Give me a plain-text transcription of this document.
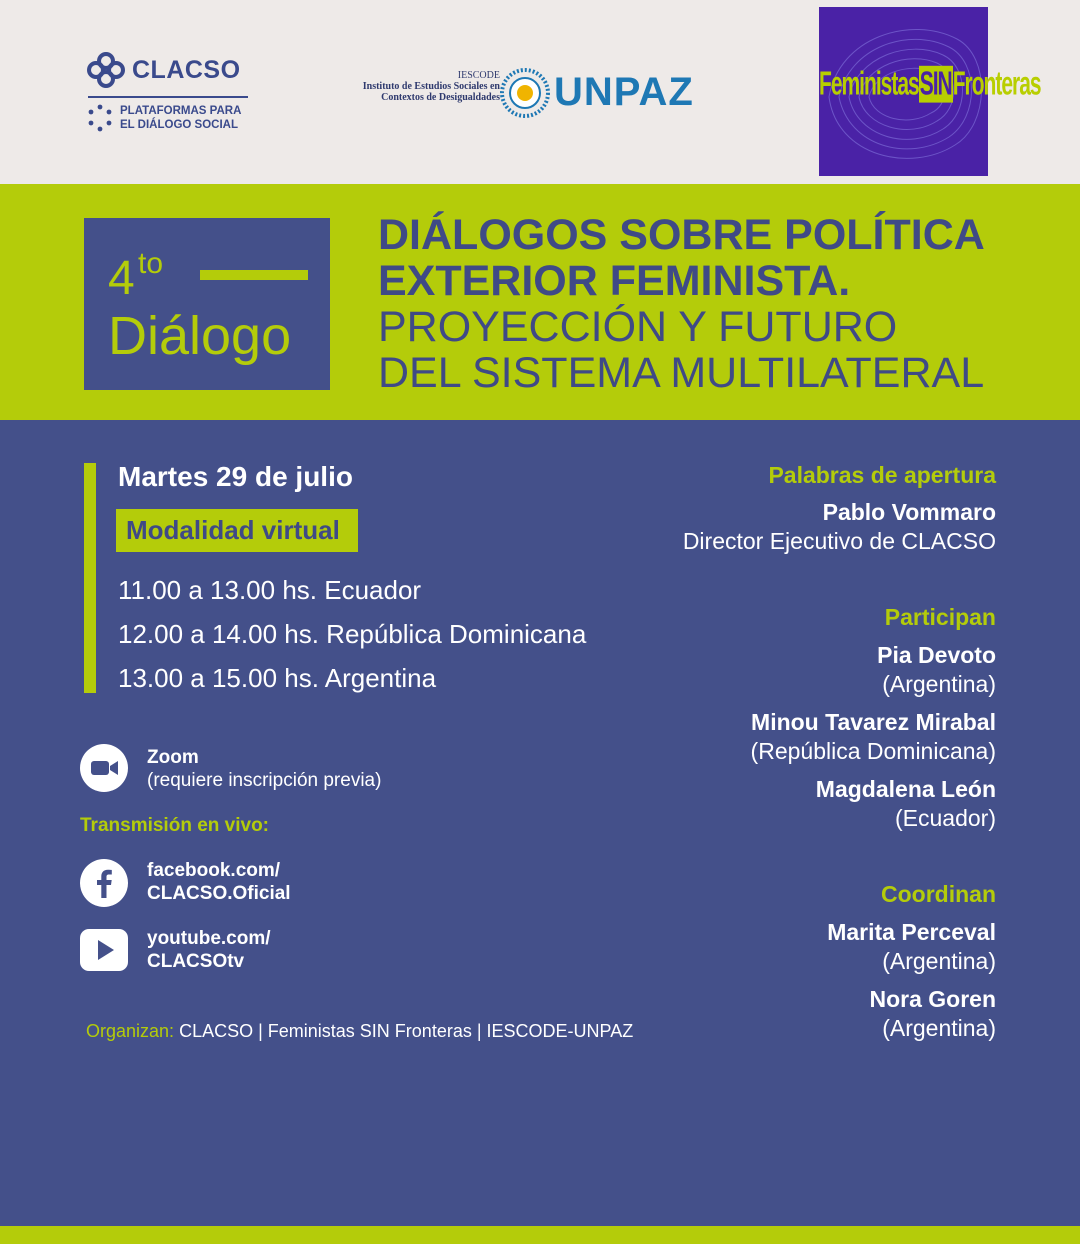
CLACSO
PLATAFORMAS PARA
EL DIÁLOGO SOCIAL
IESCODE
Instituto de Estudios Sociales en
Contextos de Desigualdades UNPAZ	FeministasSINFronteras
4 to
Diálogo
DIÁLOGOS SOBRE POLÍTICA
EXTERIOR FEMINISTA.
PROYECCIÓN Y FUTURO
DEL SISTEMA MULTILATERAL
Martes 29 de julio
Modalidad virtual
11.00 a 13.00 hs. Ecuador
12.00 a 14.00 hs. República Dominicana
13.00 a 15.00 hs. Argentina
Zoom
(requiere inscripción previa)
Transmisión en vivo:
facebook.com/
CLACSO.Oficial
youtube.com/
CLACSOtv
Organizan: CLACSO | Feministas SIN Fronteras | IESCODE-UNPAZ
Palabras de apertura
Pablo Vommaro
Director Ejecutivo de CLACSO
Participan
Pia Devoto
(Argentina)
Minou Tavarez Mirabal
(República Dominicana)
Magdalena León
(Ecuador)
Coordinan
Marita Perceval
(Argentina)
Nora Goren
(Argentina)
